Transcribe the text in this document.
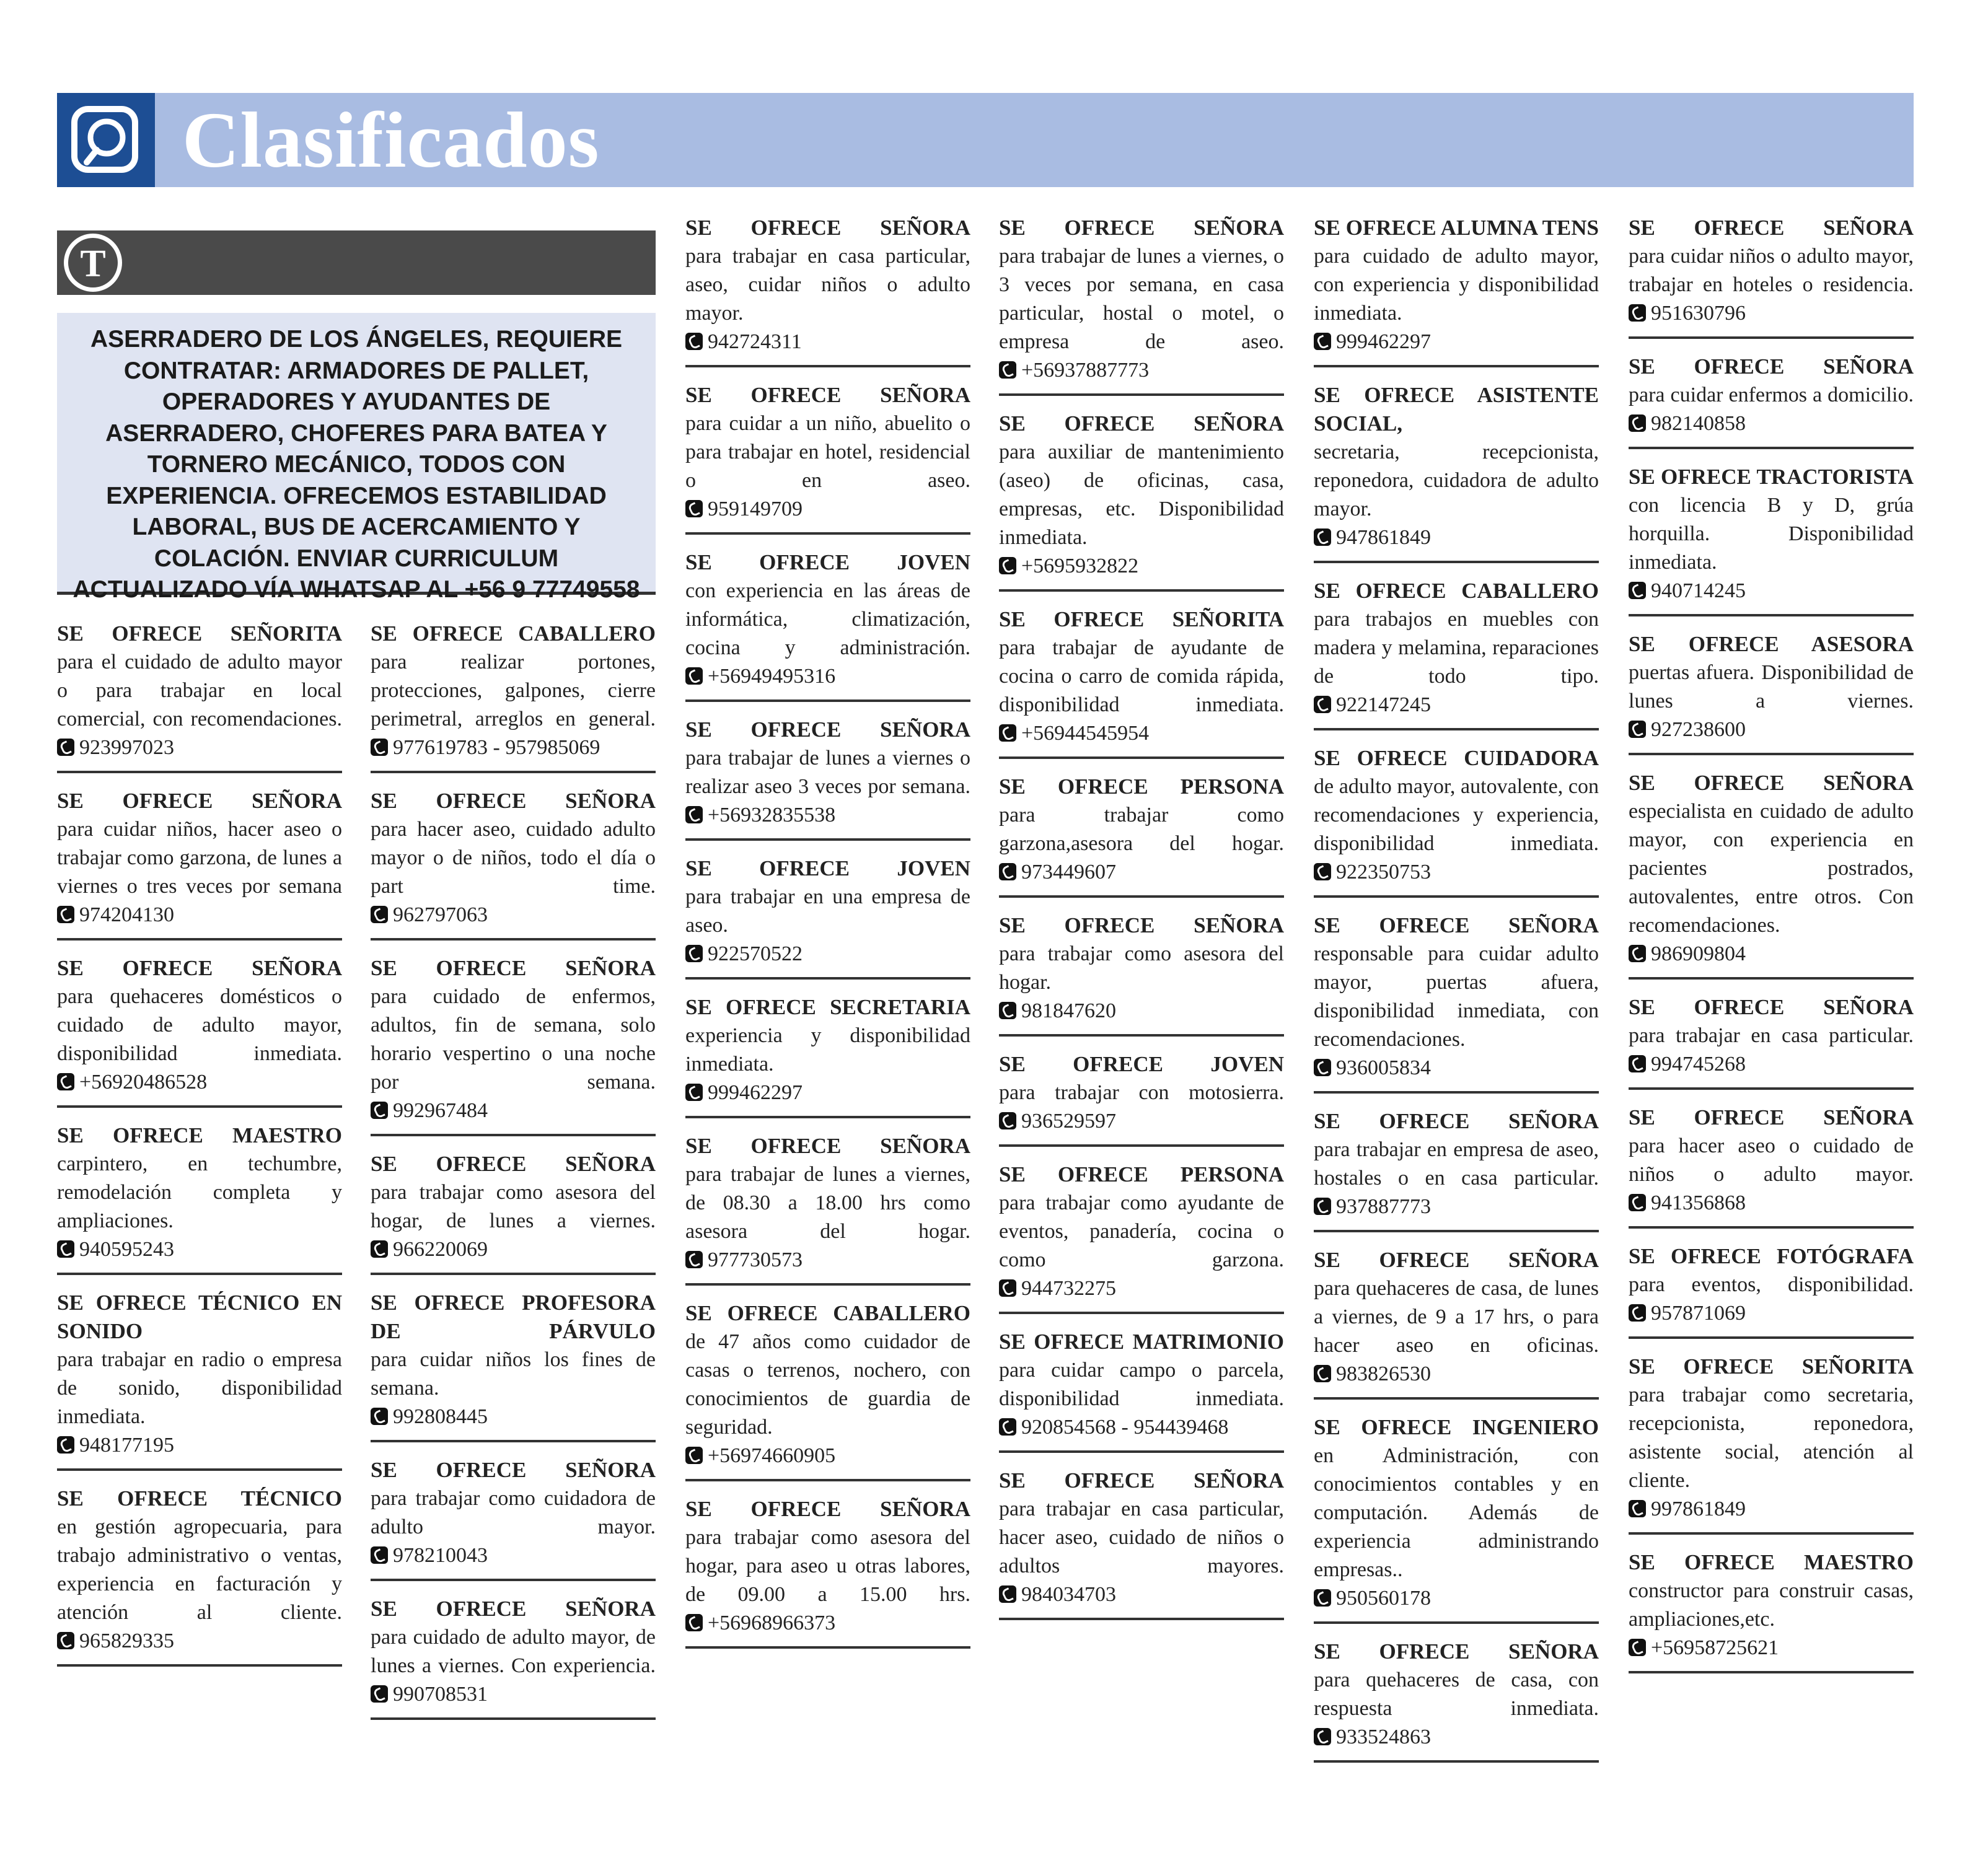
Clasificados
T
ASERRADERO DE LOS ÁNGELES, REQUIERE CONTRATAR: ARMADORES DE PALLET, OPERADORES Y AYUDANTES DE ASERRADERO, CHOFERES PARA BATEA Y TORNERO MECÁNICO, TODOS CON EXPERIENCIA. OFRECEMOS ESTABILIDAD LABORAL, BUS DE ACERCAMIENTO Y COLACIÓN. ENVIAR CURRICULUM ACTUALIZADO VÍA WHATSAP AL +56 9 77749558
SE OFRECE SEÑORITA
para el cuidado de adulto mayor o para trabajar en local comercial, con recomendaciones.
923997023
SE OFRECE SEÑORA
para cuidar niños, hacer aseo o trabajar como garzona, de lunes a viernes o tres veces por semana
974204130
SE OFRECE SEÑORA
para quehaceres domésticos o cuidado de adulto mayor, disponibilidad inmediata.
+56920486528
SE OFRECE MAESTRO
carpintero, en techumbre, remodelación completa y ampliaciones.
940595243
SE OFRECE TÉCNICO EN SONIDO
para trabajar en radio o empresa de sonido, disponibilidad inmediata.
948177195
SE OFRECE TÉCNICO
en gestión agropecuaria, para trabajo administrativo o ventas, experiencia en facturación y atención al cliente.
965829335
SE OFRECE CABALLERO
para realizar portones, protecciones, galpones, cierre perimetral, arreglos en general.
977619783 - 957985069
SE OFRECE SEÑORA
para hacer aseo, cuidado adulto mayor o de niños, todo el día o part time.
962797063
SE OFRECE SEÑORA
para cuidado de enfermos, adultos, fin de semana, solo horario vespertino o una noche por semana.
992967484
SE OFRECE SEÑORA
para trabajar como asesora del hogar, de lunes a viernes.
966220069
SE OFRECE PROFESORA DE PÁRVULO
para cuidar niños los fines de semana.
992808445
SE OFRECE SEÑORA
para trabajar como cuidadora de adulto mayor.
978210043
SE OFRECE SEÑORA
para cuidado de adulto mayor, de lunes a viernes. Con experiencia.
990708531
SE OFRECE SEÑORA
para trabajar en casa particular, aseo, cuidar niños o adulto mayor.
942724311
SE OFRECE SEÑORA
para cuidar a un niño, abuelito o para trabajar en hotel, residencial o en aseo.
959149709
SE OFRECE JOVEN
con experiencia en las áreas de informática, climatización, cocina y administración.
+56949495316
SE OFRECE SEÑORA
para trabajar de lunes a viernes o realizar aseo 3 veces por semana.
+56932835538
SE OFRECE JOVEN
para trabajar en una empresa de aseo.
922570522
SE OFRECE SECRETARIA
experiencia y disponibilidad inmediata.
999462297
SE OFRECE SEÑORA
para trabajar de lunes a viernes, de 08.30 a 18.00 hrs como asesora del hogar.
977730573
SE OFRECE CABALLERO
de 47 años como cuidador de casas o terrenos, nochero, con conocimientos de guardia de seguridad.
+56974660905
SE OFRECE SEÑORA
para trabajar como asesora del hogar, para aseo u otras labores, de 09.00 a 15.00 hrs.
+56968966373
SE OFRECE SEÑORA
para trabajar de lunes a viernes, o 3 veces por semana, en casa particular, hostal o motel, o empresa de aseo.
+56937887773
SE OFRECE SEÑORA
para auxiliar de mantenimiento (aseo) de oficinas, casa, empresas, etc. Disponibilidad inmediata.
+5695932822
SE OFRECE SEÑORITA
para trabajar de ayudante de cocina o carro de comida rápida, disponibilidad inmediata.
+56944545954
SE OFRECE PERSONA
para trabajar como garzona,asesora del hogar.
973449607
SE OFRECE SEÑORA
para trabajar como asesora del hogar.
981847620
SE OFRECE JOVEN
para trabajar con motosierra.
936529597
SE OFRECE PERSONA
para trabajar como ayudante de eventos, panadería, cocina o como garzona.
944732275
SE OFRECE MATRIMONIO
para cuidar campo o parcela, disponibilidad inmediata.
920854568 - 954439468
SE OFRECE SEÑORA
para trabajar en casa particular, hacer aseo, cuidado de niños o adultos mayores.
984034703
SE OFRECE ALUMNA TENS
para cuidado de adulto mayor, con experiencia y disponibilidad inmediata.
999462297
SE OFRECE ASISTENTE SOCIAL,
secretaria, recepcionista, reponedora, cuidadora de adulto mayor.
947861849
SE OFRECE CABALLERO
para trabajos en muebles con madera y melamina, reparaciones de todo tipo.
922147245
SE OFRECE CUIDADORA
de adulto mayor, autovalente, con recomendaciones y experiencia, disponibilidad inmediata.
922350753
SE OFRECE SEÑORA
responsable para cuidar adulto mayor, puertas afuera, disponibilidad inmediata, con recomendaciones.
936005834
SE OFRECE SEÑORA
para trabajar en empresa de aseo, hostales o en casa particular.
937887773
SE OFRECE SEÑORA
para quehaceres de casa, de lunes a viernes, de 9 a 17 hrs, o para hacer aseo en oficinas.
983826530
SE OFRECE INGENIERO
en Administración, con conocimientos contables y en computación. Además de experiencia administrando empresas..
950560178
SE OFRECE SEÑORA
para quehaceres de casa, con respuesta inmediata.
933524863
SE OFRECE SEÑORA
para cuidar niños o adulto mayor, trabajar en hoteles o residencia.
951630796
SE OFRECE SEÑORA
para cuidar enfermos a domicilio.
982140858
SE OFRECE TRACTORISTA
con licencia B y D, grúa horquilla. Disponibilidad inmediata.
940714245
SE OFRECE ASESORA
puertas afuera. Disponibilidad de lunes a viernes.
927238600
SE OFRECE SEÑORA
especialista en cuidado de adulto mayor, con experiencia en pacientes postrados, autovalentes, entre otros. Con recomendaciones.
986909804
SE OFRECE SEÑORA
para trabajar en casa particular.
994745268
SE OFRECE SEÑORA
para hacer aseo o cuidado de niños o adulto mayor.
941356868
SE OFRECE FOTÓGRAFA
para eventos, disponibilidad.
957871069
SE OFRECE SEÑORITA
para trabajar como secretaria, recepcionista, reponedora, asistente social, atención al cliente.
997861849
SE OFRECE MAESTRO
constructor para construir casas, ampliaciones,etc.
+56958725621
